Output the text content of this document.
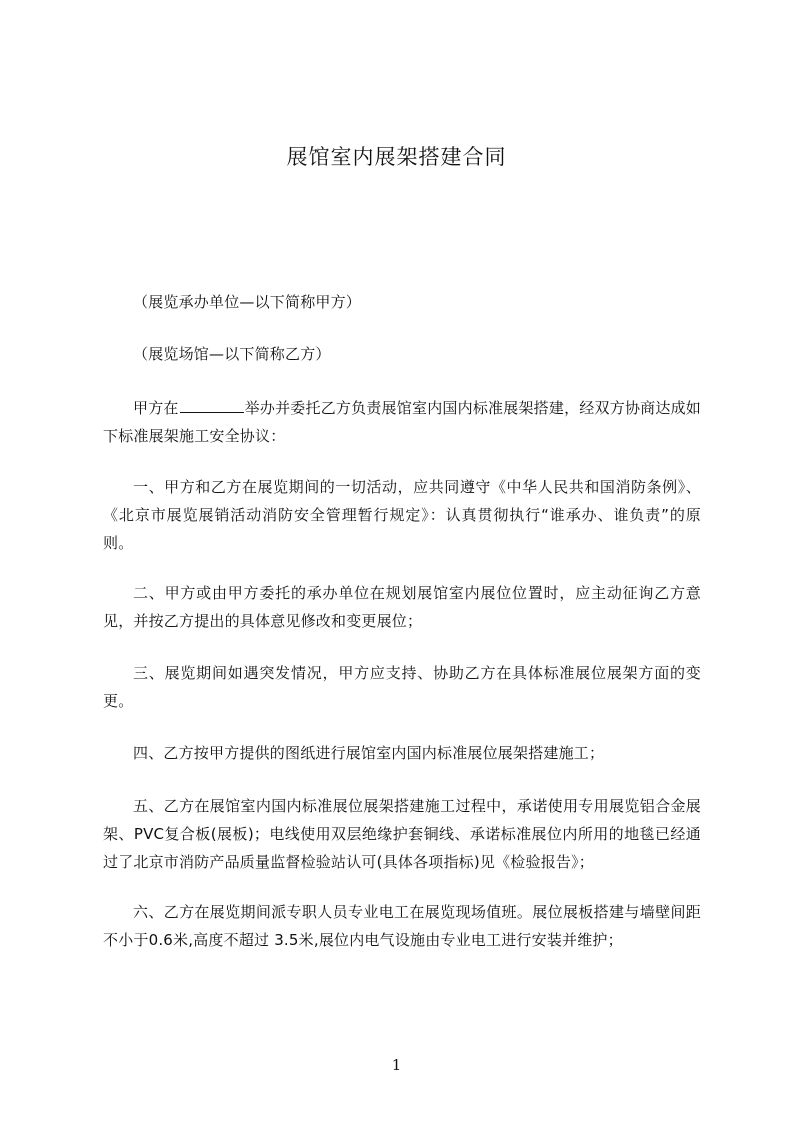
展馆室内展架搭建合同
（展览承办单位—以下简称甲方）
（展览场馆—以下简称乙方）
甲方在	举办并委托乙方负责展馆室内国内标准展架搭建，经双方协商达成如下标准展架施工安全协议：
一、甲方和乙方在展览期间的一切活动，应共同遵守《中华人民共和国消防条例》、《北京市展览展销活动消防安全管理暂行规定》：认真贯彻执行“谁承办、谁负责”的原则。
二、甲方或由甲方委托的承办单位在规划展馆室内展位位置时，应主动征询乙方意见，并按乙方提出的具体意见修改和变更展位；
三、展览期间如遇突发情况，甲方应支持、协助乙方在具体标准展位展架方面的变更。
四、乙方按甲方提供的图纸进行展馆室内国内标准展位展架搭建施工；
五、乙方在展馆室内国内标准展位展架搭建施工过程中，承诺使用专用展览铝合金展架、PVC复合板(展板)；电线使用双层绝缘护套铜线、承诺标准展位内所用的地毯已经通过了北京市消防产品质量监督检验站认可(具体各项指标)见《检验报告》；
六、乙方在展览期间派专职人员专业电工在展览现场值班。展位展板搭建与墙壁间距不小于0.6米,高度不超过 3.5米,展位内电气设施由专业电工进行安装并维护；
1
